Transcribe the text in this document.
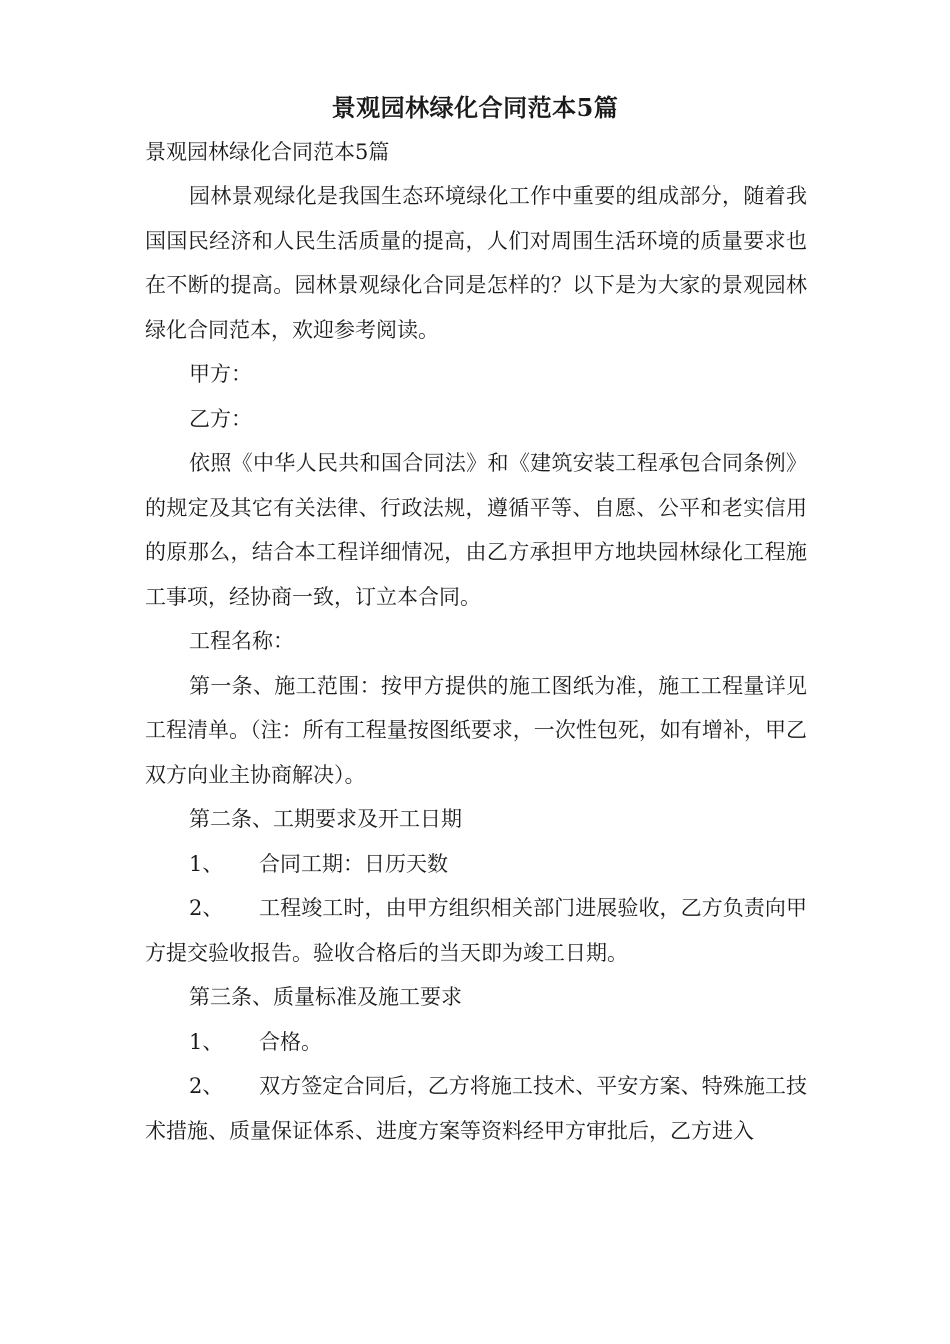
景观园林绿化合同范本5篇
景观园林绿化合同范本5篇

园林景观绿化是我国生态环境绿化工作中重要的组成部分，随着我国国民经济和人民生活质量的提高，人们对周围生活环境的质量要求也在不断的提高。园林景观绿化合同是怎样的？以下是为大家的景观园林绿化合同范本，欢迎参考阅读。

甲方：

乙方：

依照《中华人民共和国合同法》和《建筑安装工程承包合同条例》的规定及其它有关法律、行政法规，遵循平等、自愿、公平和老实信用的原那么，结合本工程详细情况，由乙方承担甲方地块园林绿化工程施工事项，经协商一致，订立本合同。

工程名称：

第一条、施工范围：按甲方提供的施工图纸为准，施工工程量详见工程清单。（注：所有工程量按图纸要求，一次性包死，如有增补，甲乙双方向业主协商解决）。

第二条、工期要求及开工日期

1、 合同工期：日历天数

2、 工程竣工时，由甲方组织相关部门进展验收，乙方负责向甲 方提交验收报告。验收合格后的当天即为竣工日期。

第三条、质量标准及施工要求

1、 合格。

2、 双方签定合同后，乙方将施工技术、平安方案、特殊施工技 术措施、质量保证体系、进度方案等资料经甲方审批后，乙方进入
